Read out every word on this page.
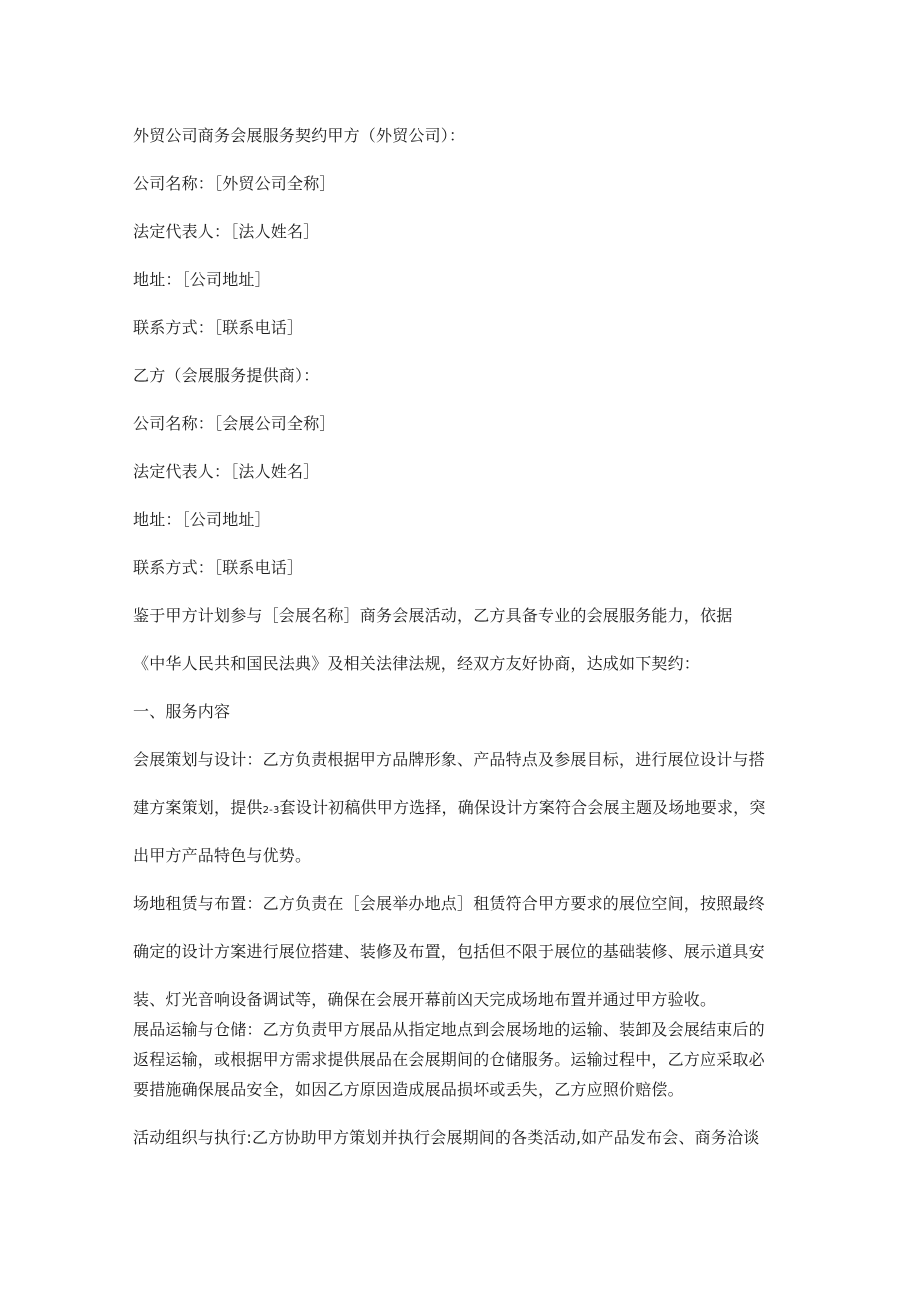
外贸公司商务会展服务契约甲方（外贸公司）：
公司名称：［外贸公司全称］
法定代表人：［法人姓名］
地址：［公司地址］
联系方式：［联系电话］
乙方（会展服务提供商）：
公司名称：［会展公司全称］
法定代表人：［法人姓名］
地址：［公司地址］
联系方式：［联系电话］
鉴于甲方计划参与［会展名称］商务会展活动，乙方具备专业的会展服务能力，依据
《中华人民共和国民法典》及相关法律法规，经双方友好协商，达成如下契约：
一、服务内容
会展策划与设计：乙方负责根据甲方品牌形象、产品特点及参展目标，进行展位设计与搭
建方案策划，提供2-3套设计初稿供甲方选择，确保设计方案符合会展主题及场地要求，突
出甲方产品特色与优势。
场地租赁与布置：乙方负责在［会展举办地点］租赁符合甲方要求的展位空间，按照最终
确定的设计方案进行展位搭建、装修及布置，包括但不限于展位的基础装修、展示道具安
装、灯光音响设备调试等，确保在会展开幕前凶天完成场地布置并通过甲方验收。
展品运输与仓储：乙方负责甲方展品从指定地点到会展场地的运输、装卸及会展结束后的
返程运输，或根据甲方需求提供展品在会展期间的仓储服务。运输过程中，乙方应采取必
要措施确保展品安全，如因乙方原因造成展品损坏或丢失，乙方应照价赔偿。
活动组织与执行:乙方协助甲方策划并执行会展期间的各类活动,如产品发布会、商务洽谈
